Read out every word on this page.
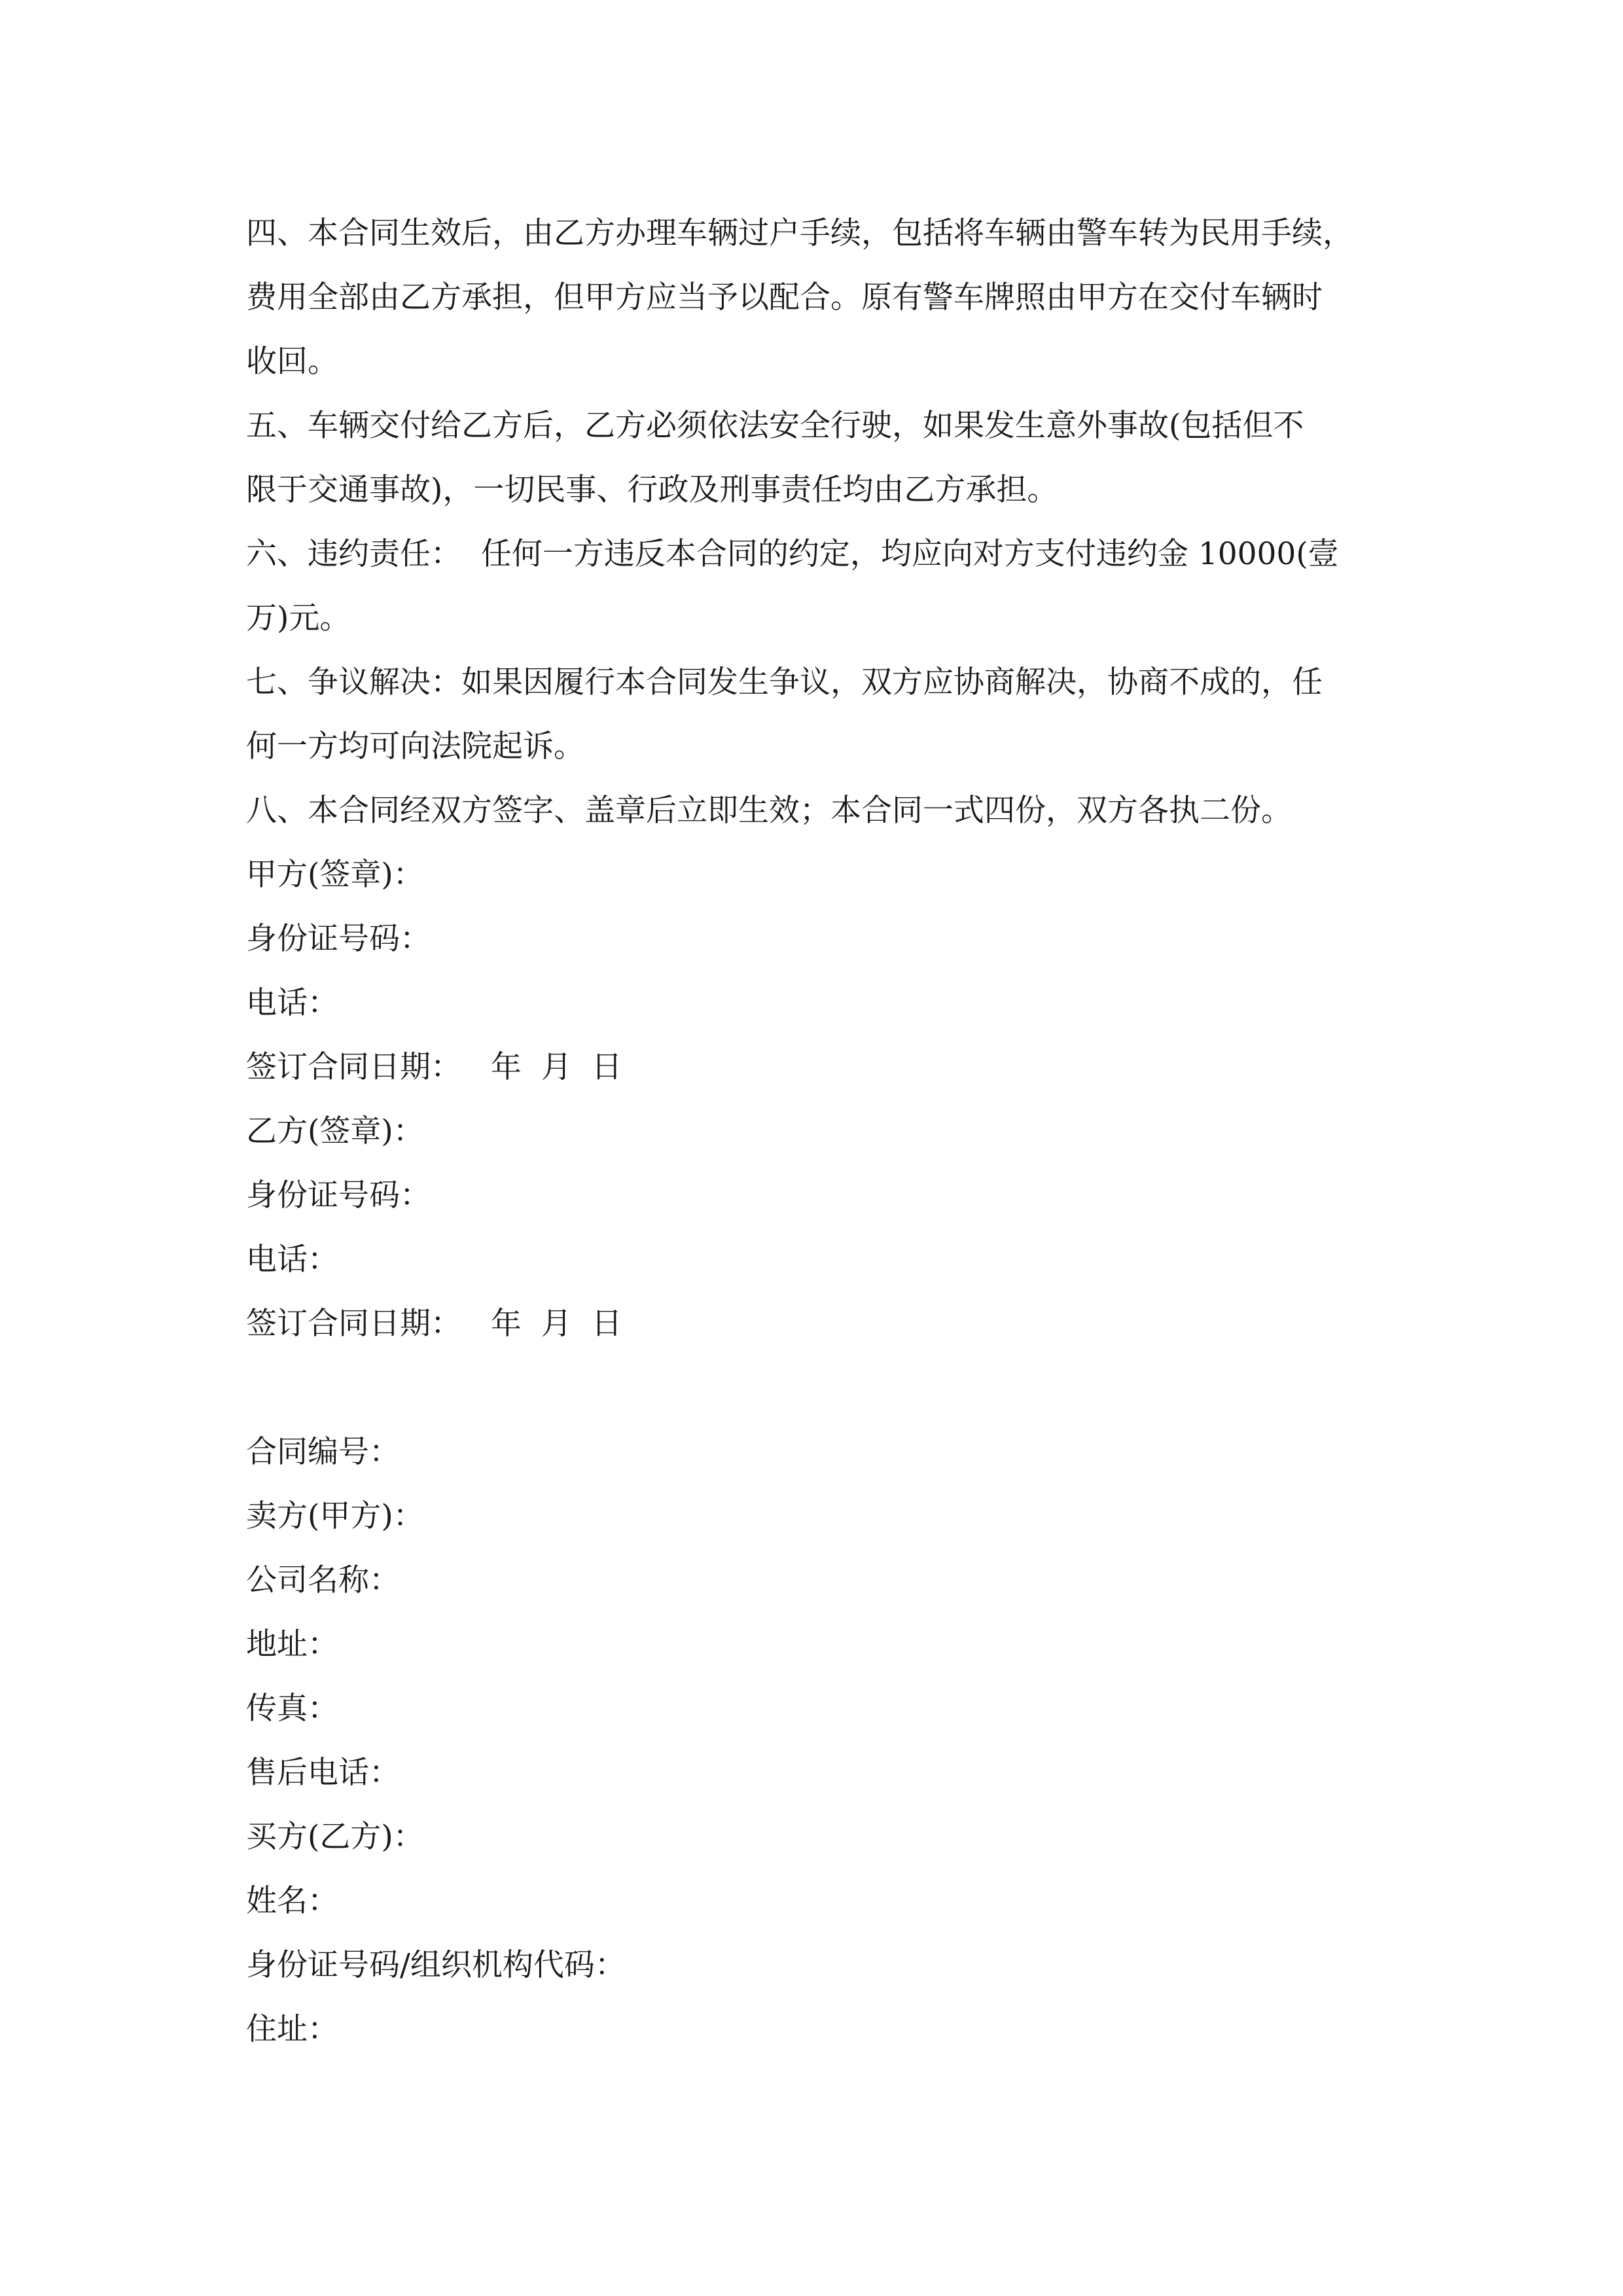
四、本合同生效后，由乙方办理车辆过户手续，包括将车辆由警车转为民用手续，
费用全部由乙方承担，但甲方应当予以配合。原有警车牌照由甲方在交付车辆时
收回。
五、车辆交付给乙方后，乙方必须依法安全行驶，如果发生意外事故(包括但不
限于交通事故)，一切民事、行政及刑事责任均由乙方承担。
六、违约责任：  任何一方违反本合同的约定，均应向对方支付违约金 10000(壹
万)元。
七、争议解决：如果因履行本合同发生争议，双方应协商解决，协商不成的，任
何一方均可向法院起诉。
八、本合同经双方签字、盖章后立即生效；本合同一式四份，双方各执二份。
甲方(签章)：
身份证号码：
电话：
签订合同日期：   年  月  日
乙方(签章)：
身份证号码：
电话：
签订合同日期：   年  月  日
合同编号：
卖方(甲方)：
公司名称：
地址：
传真：
售后电话：
买方(乙方)：
姓名：
身份证号码/组织机构代码：
住址：
